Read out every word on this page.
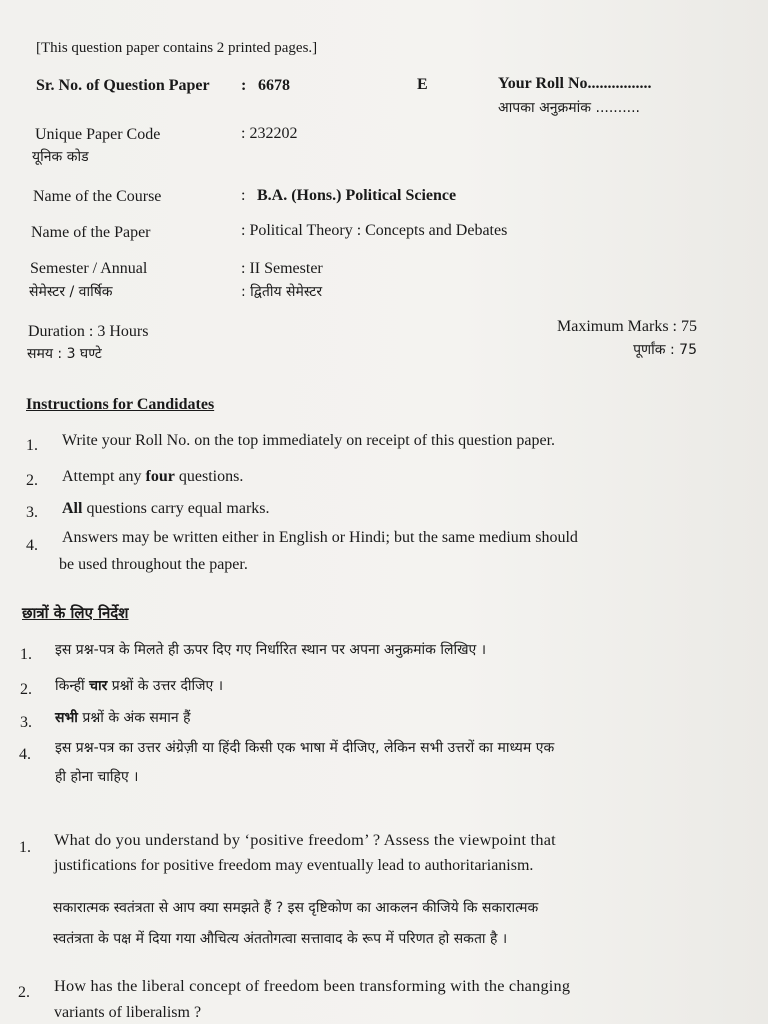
[This question paper contains 2 printed pages.]
Sr. No. of Question Paper : 6678	E	Your Roll No................
आपका अनुक्रमांक ..........
Unique Paper Code
यूनिक कोड
: 232202
Name of the Course	: B.A. (Hons.) Political Science
Name of the Paper	: Political Theory : Concepts and Debates
Semester / Annual
सेमेस्टर / वार्षिक
: II Semester
: द्वितीय सेमेस्टर
Duration : 3 Hours
समय : 3 घण्टे
Maximum Marks : 75
पूर्णांक : 75
Instructions for Candidates
1. Write your Roll No. on the top immediately on receipt of this question paper.
2. Attempt any four questions.
3. All questions carry equal marks.
4. Answers may be written either in English or Hindi; but the same medium should
be used throughout the paper.
छात्रों के लिए निर्देश
1. इस प्रश्न-पत्र के मिलते ही ऊपर दिए गए निर्धारित स्थान पर अपना अनुक्रमांक लिखिए ।
2. किन्हीं चार प्रश्नों के उत्तर दीजिए ।
3. सभी प्रश्नों के अंक समान हैं
4. इस प्रश्न-पत्र का उत्तर अंग्रेज़ी या हिंदी किसी एक भाषा में दीजिए, लेकिन सभी उत्तरों का माध्यम एक
ही होना चाहिए ।
1. What do you understand by ‘positive freedom’ ? Assess the viewpoint that
justifications for positive freedom may eventually lead to authoritarianism.
सकारात्मक स्वतंत्रता से आप क्या समझते हैं ? इस दृष्टिकोण का आकलन कीजिये कि सकारात्मक
स्वतंत्रता के पक्ष में दिया गया औचित्य अंततोगत्वा सत्तावाद के रूप में परिणत हो सकता है ।
2. How has the liberal concept of freedom been transforming with the changing
variants of liberalism ?
